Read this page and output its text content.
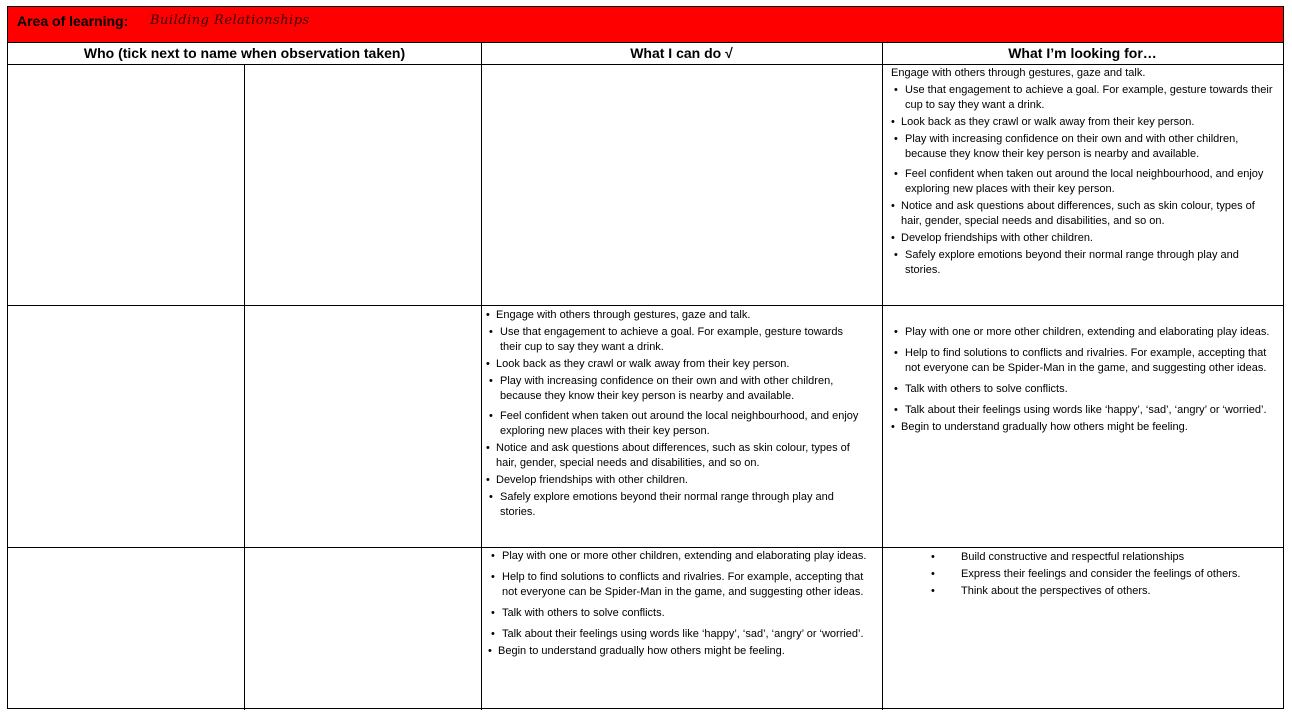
Area of learning: Building Relationships
Who (tick next to name when observation taken)	What I can do √	What I’m looking for…
Engage with others through gestures, gaze and talk.
• Use that engagement to achieve a goal. For example, gesture towards their cup to say they want a drink.
• Look back as they crawl or walk away from their key person.
• Play with increasing confidence on their own and with other children, because they know their key person is nearby and available.
• Feel confident when taken out around the local neighbourhood, and enjoy exploring new places with their key person.
• Notice and ask questions about differences, such as skin colour, types of hair, gender, special needs and disabilities, and so on.
• Develop friendships with other children.
• Safely explore emotions beyond their normal range through play and stories.
• Engage with others through gestures, gaze and talk.
• Use that engagement to achieve a goal. For example, gesture towards their cup to say they want a drink.
• Look back as they crawl or walk away from their key person.
• Play with increasing confidence on their own and with other children, because they know their key person is nearby and available.
• Feel confident when taken out around the local neighbourhood, and enjoy exploring new places with their key person.
• Notice and ask questions about differences, such as skin colour, types of hair, gender, special needs and disabilities, and so on.
• Develop friendships with other children.
• Safely explore emotions beyond their normal range through play and stories.
• Play with one or more other children, extending and elaborating play ideas.
• Help to find solutions to conflicts and rivalries. For example, accepting that not everyone can be Spider-Man in the game, and suggesting other ideas.
• Talk with others to solve conflicts.
• Talk about their feelings using words like ‘happy’, ‘sad’, ‘angry’ or ‘worried’.
• Begin to understand gradually how others might be feeling.
• Play with one or more other children, extending and elaborating play ideas.
• Help to find solutions to conflicts and rivalries. For example, accepting that not everyone can be Spider-Man in the game, and suggesting other ideas.
• Talk with others to solve conflicts.
• Talk about their feelings using words like ‘happy’, ‘sad’, ‘angry’ or ‘worried’.
• Begin to understand gradually how others might be feeling.
• Build constructive and respectful relationships
• Express their feelings and consider the feelings of others.
• Think about the perspectives of others.
